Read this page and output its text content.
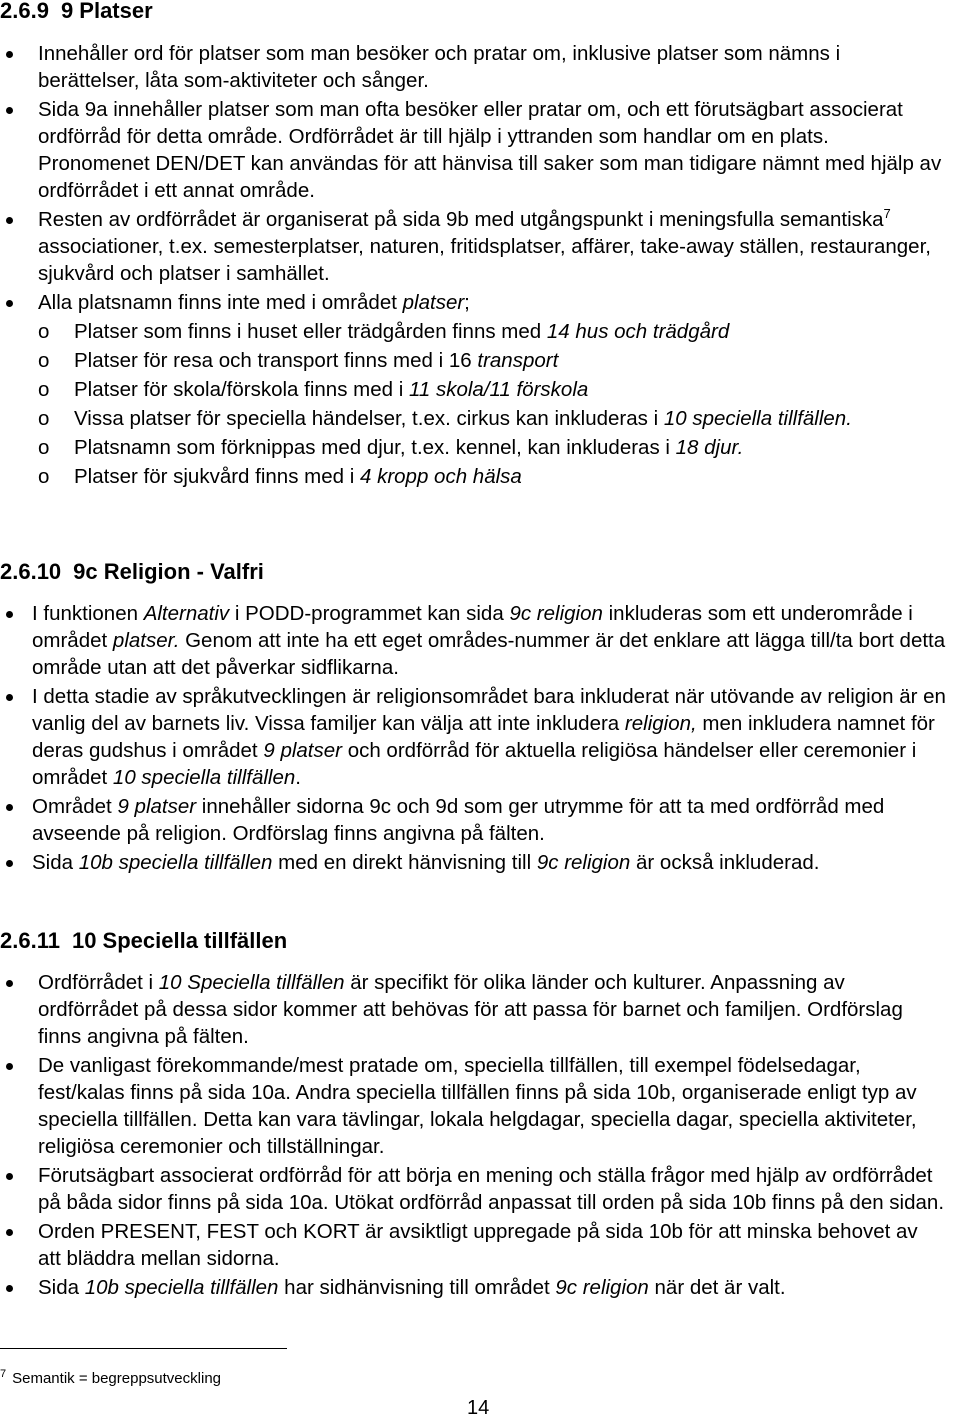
2.6.9 9 Platser
Innehåller ord för platser som man besöker och pratar om, inklusive platser som nämns i berättelser, låta som-aktiviteter och sånger.
Sida 9a innehåller platser som man ofta besöker eller pratar om, och ett förutsägbart associerat ordförråd för detta område. Ordförrådet är till hjälp i yttranden som handlar om en plats. Pronomenet DEN/DET kan användas för att hänvisa till saker som man tidigare nämnt med hjälp av ordförrådet i ett annat område.
Resten av ordförrådet är organiserat på sida 9b med utgångspunkt i meningsfulla semantiska$^7$ associationer, t.ex. semesterplatser, naturen, fritidsplatser, affärer, take-away ställen, restauranger, sjukvård och platser i samhället.
Alla platsnamn finns inte med i området platser;
o Platser som finns i huset eller trädgården finns med 14 hus och trädgård
o Platser för resa och transport finns med i 16 transport
o Platser för skola/förskola finns med i 11 skola/11 förskola
o Vissa platser för speciella händelser, t.ex. cirkus kan inkluderas i 10 speciella tillfällen.
o Platsnamn som förknippas med djur, t.ex. kennel, kan inkluderas i 18 djur.
o Platser för sjukvård finns med i 4 kropp och hälsa
2.6.10 9c Religion - Valfri
I funktionen Alternativ i PODD-programmet kan sida 9c religion inkluderas som ett underområde i området platser. Genom att inte ha ett eget områdes-nummer är det enklare att lägga till/ta bort detta område utan att det påverkar sidflikarna.
I detta stadie av språkutvecklingen är religionsområdet bara inkluderat när utövande av religion är en vanlig del av barnets liv. Vissa familjer kan välja att inte inkludera religion, men inkludera namnet för deras gudshus i området 9 platser och ordförråd för aktuella religiösa händelser eller ceremonier i området 10 speciella tillfällen.
Området 9 platser innehåller sidorna 9c och 9d som ger utrymme för att ta med ordförråd med avseende på religion. Ordförslag finns angivna på fälten.
Sida 10b speciella tillfällen med en direkt hänvisning till 9c religion är också inkluderad.
2.6.11 10 Speciella tillfällen
Ordförrådet i 10 Speciella tillfällen är specifikt för olika länder och kulturer. Anpassning av ordförrådet på dessa sidor kommer att behövas för att passa för barnet och familjen. Ordförslag finns angivna på fälten.
De vanligast förekommande/mest pratade om, speciella tillfällen, till exempel födelsedagar, fest/kalas finns på sida 10a. Andra speciella tillfällen finns på sida 10b, organiserade enligt typ av speciella tillfällen. Detta kan vara tävlingar, lokala helgdagar, speciella dagar, speciella aktiviteter, religiösa ceremonier och tillställningar.
Förutsägbart associerat ordförråd för att börja en mening och ställa frågor med hjälp av ordförrådet på båda sidor finns på sida 10a. Utökat ordförråd anpassat till orden på sida 10b finns på den sidan.
Orden PRESENT, FEST och KORT är avsiktligt uppregade på sida 10b för att minska behovet av att bläddra mellan sidorna.
Sida 10b speciella tillfällen har sidhänvisning till området 9c religion när det är valt.
$^7$ Semantik = begreppsutveckling
14
